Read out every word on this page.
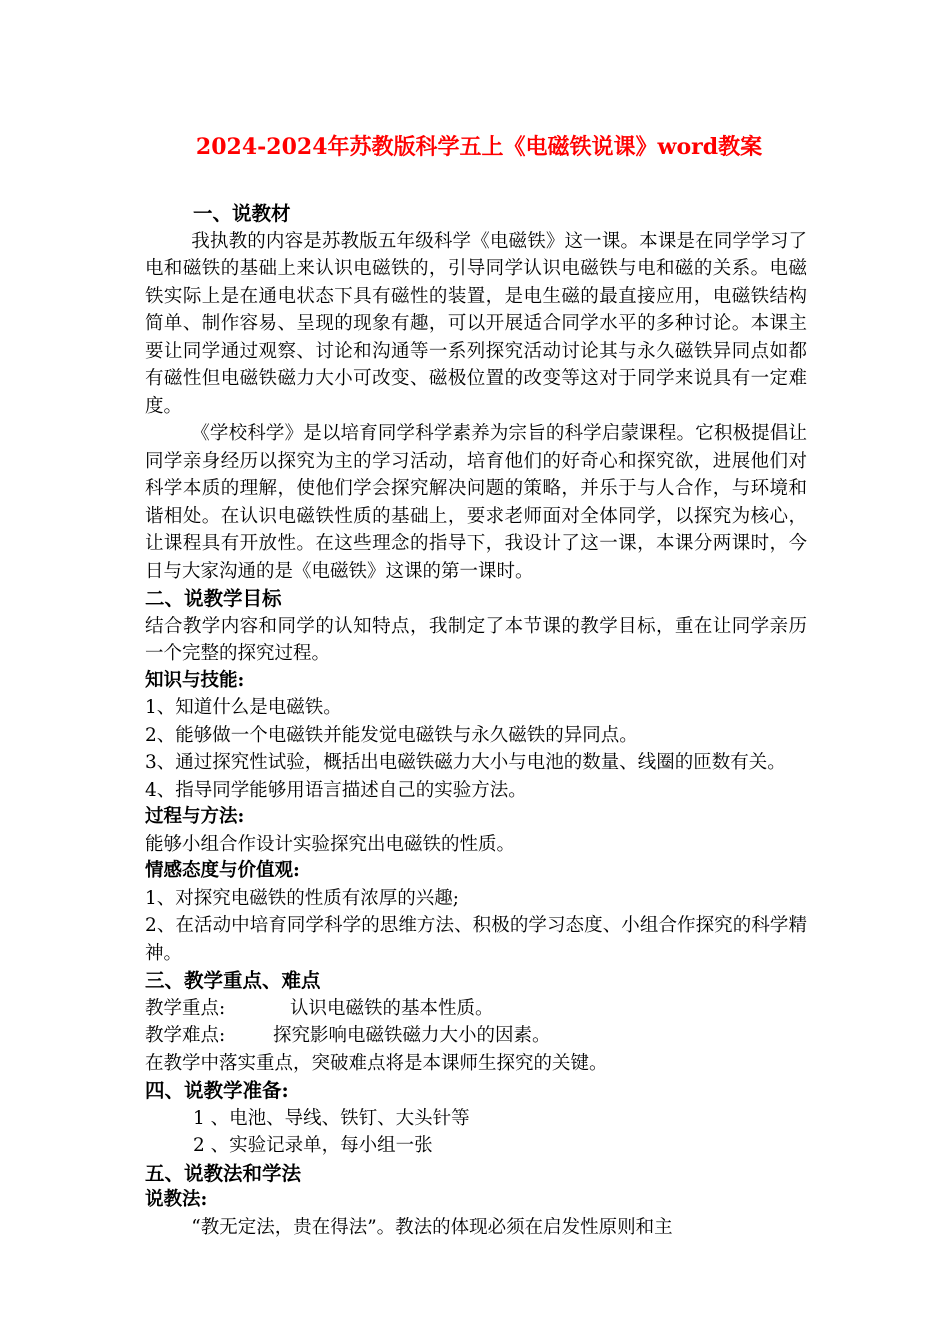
2024-2024年苏教版科学五上《电磁铁说课》word教案
一、说教材

我执教的内容是苏教版五年级科学《电磁铁》这一课。本课是在同学学习了电和磁铁的基础上来认识电磁铁的，引导同学认识电磁铁与电和磁的关系。电磁铁实际上是在通电状态下具有磁性的装置，是电生磁的最直接应用，电磁铁结构简单、制作容易、呈现的现象有趣，可以开展适合同学水平的多种讨论。本课主要让同学通过观察、讨论和沟通等一系列探究活动讨论其与永久磁铁异同点如都有磁性但电磁铁磁力大小可改变、磁极位置的改变等这对于同学来说具有一定难度。

《学校科学》是以培育同学科学素养为宗旨的科学启蒙课程。它积极提倡让同学亲身经历以探究为主的学习活动，培育他们的好奇心和探究欲，进展他们对科学本质的理解，使他们学会探究解决问题的策略，并乐于与人合作，与环境和谐相处。在认识电磁铁性质的基础上，要求老师面对全体同学，以探究为核心，让课程具有开放性。在这些理念的指导下，我设计了这一课，本课分两课时，今日与大家沟通的是《电磁铁》这课的第一课时。

二、说教学目标

结合教学内容和同学的认知特点，我制定了本节课的教学目标，重在让同学亲历一个完整的探究过程。

知识与技能:

1、知道什么是电磁铁。

2、能够做一个电磁铁并能发觉电磁铁与永久磁铁的异同点。

3、通过探究性试验，概括出电磁铁磁力大小与电池的数量、线圈的匝数有关。

4、指导同学能够用语言描述自己的实验方法。

过程与方法:

能够小组合作设计实验探究出电磁铁的性质。

情感态度与价值观:

1、对探究电磁铁的性质有浓厚的兴趣;

2、在活动中培育同学科学的思维方法、积极的学习态度、小组合作探究的科学精神。

三、教学重点、难点
教学重点:	认识电磁铁的基本性质。
教学难点:	探究影响电磁铁磁力大小的因素。

在教学中落实重点，突破难点将是本课师生探究的关键。

四、说教学准备:

1 、电池、导线、铁钉、大头针等

2 、实验记录单，每小组一张

五、说教法和学法
说教法:

“教无定法，贵在得法”。教法的体现必须在启发性原则和主
